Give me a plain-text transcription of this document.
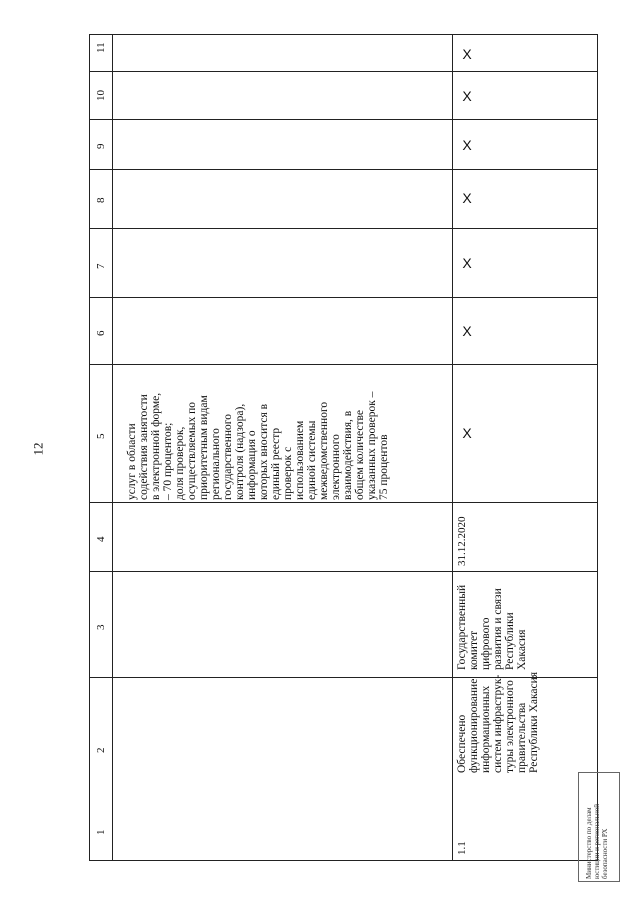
12
1
2
3
4
5
6
7
8
9
10
11
услуг в области
содействия занятости
в электронной форме,
– 70 процентов;
доля проверок,
осуществляемых по
приоритетным видам
регионального
государственного
контроля (надзора),
информация о
которых вносится в
единый реестр
проверок с
использованием
единой системы
межведомственного
электронного
взаимодействия, в
общем количестве
указанных проверок –
75 процентов
1.1
Обеспечено
функционирование
информационных
систем инфраструк-
туры электронного
правительства
Республики Хакасия
Государственный
комитет
цифрового
развития и связи
Республики
Хакасия
31.12.2020
Х
Х
Х
Х
Х
Х
Х
Министерство по делам
юстиции и региональной
безопасности РХ
